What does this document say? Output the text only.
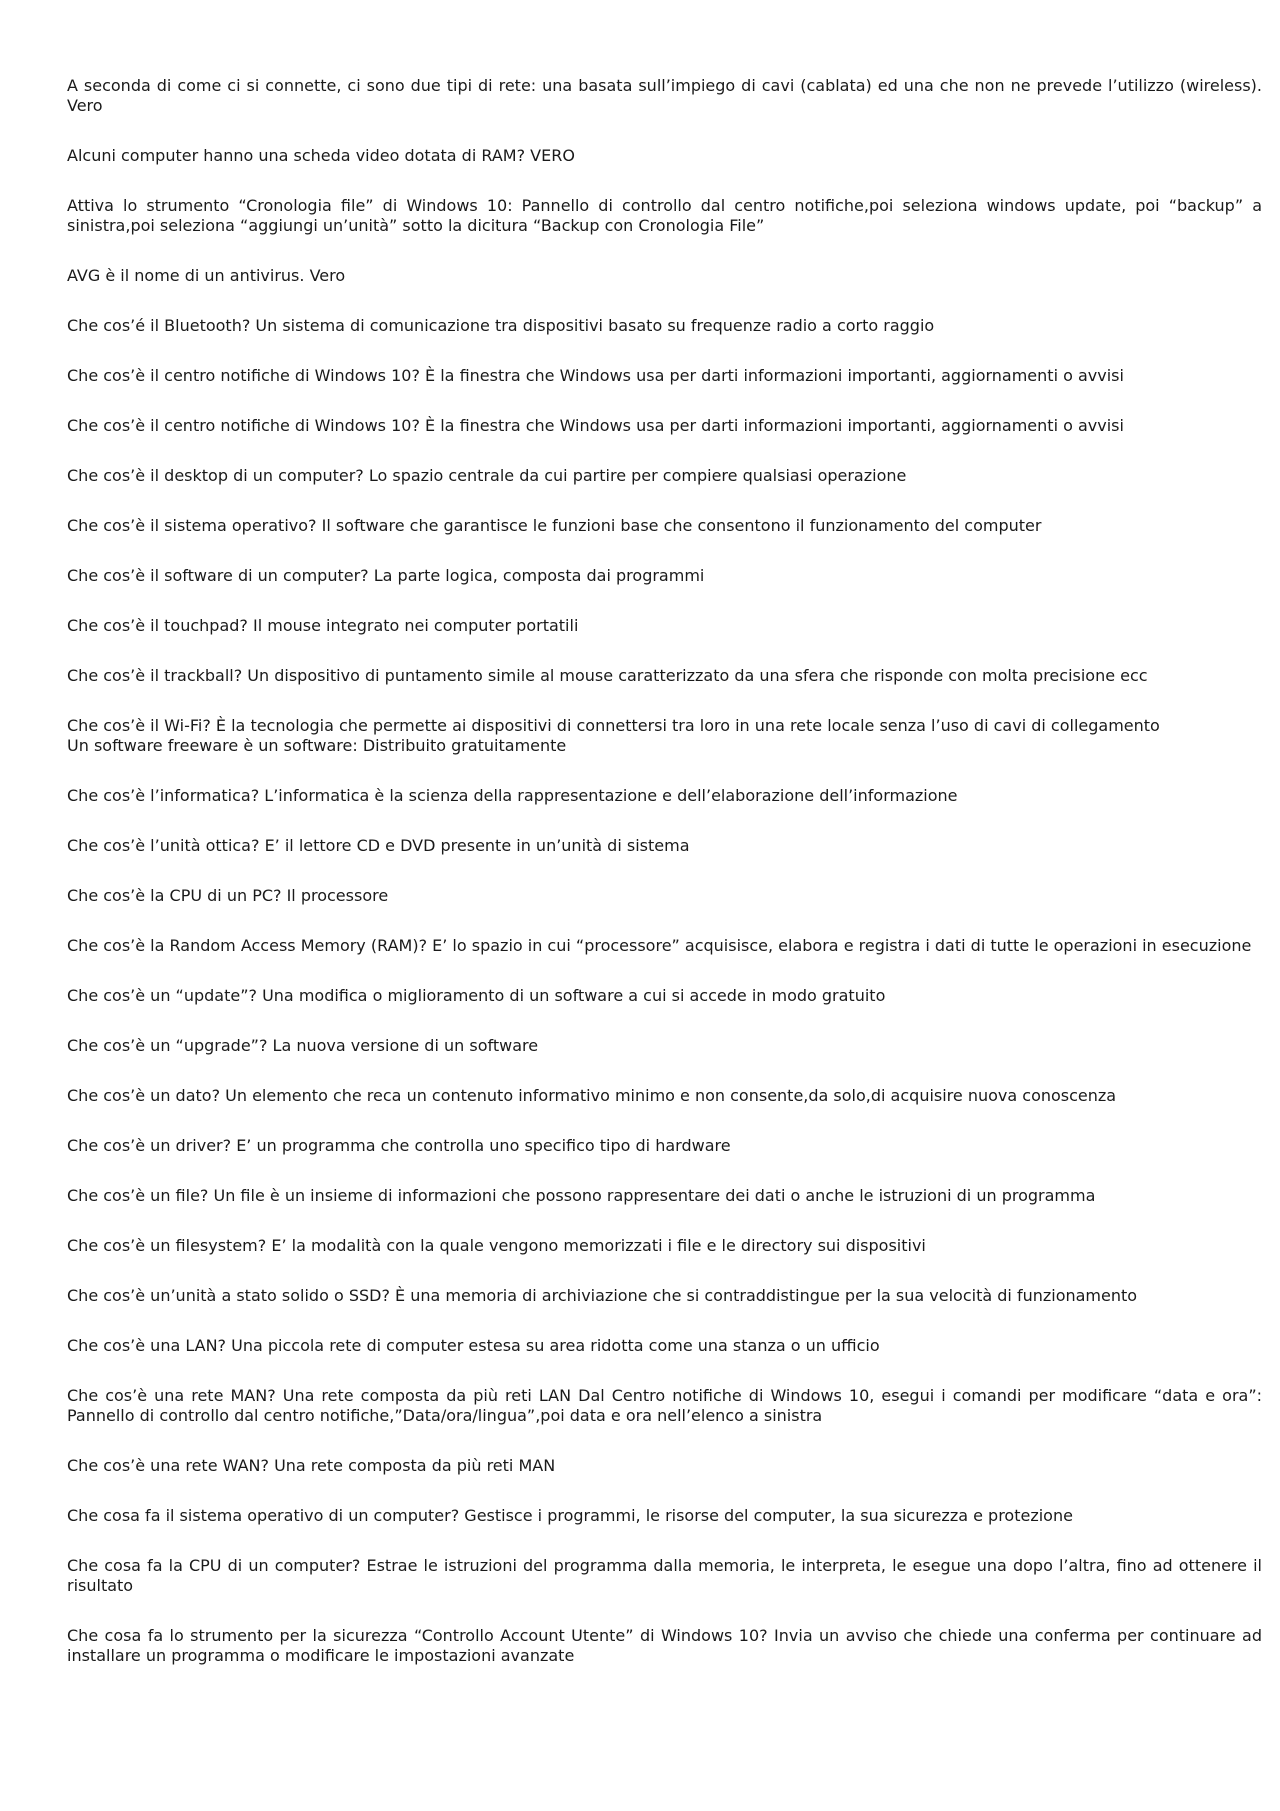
A seconda di come ci si connette, ci sono due tipi di rete: una basata sull’impiego di cavi (cablata) ed una che non ne prevede l’utilizzo (wireless). Vero
Alcuni computer hanno una scheda video dotata di RAM? VERO
Attiva lo strumento “Cronologia file” di Windows 10: Pannello di controllo dal centro notifiche,poi seleziona windows update, poi “backup” a sinistra,poi seleziona “aggiungi un’unità” sotto la dicitura “Backup con Cronologia File”
AVG è il nome di un antivirus. Vero
Che cos’é il Bluetooth? Un sistema di comunicazione tra dispositivi basato su frequenze radio a corto raggio
Che cos’è il centro notifiche di Windows 10? È la finestra che Windows usa per darti informazioni importanti, aggiornamenti o avvisi
Che cos’è il centro notifiche di Windows 10? È la finestra che Windows usa per darti informazioni importanti, aggiornamenti o avvisi
Che cos’è il desktop di un computer? Lo spazio centrale da cui partire per compiere qualsiasi operazione
Che cos’è il sistema operativo? Il software che garantisce le funzioni base che consentono il funzionamento del computer
Che cos’è il software di un computer? La parte logica, composta dai programmi
Che cos’è il touchpad? Il mouse integrato nei computer portatili
Che cos’è il trackball? Un dispositivo di puntamento simile al mouse caratterizzato da una sfera che risponde con molta precisione ecc
Che cos’è il Wi-Fi? È la tecnologia che permette ai dispositivi di connettersi tra loro in una rete locale senza l’uso di cavi di collegamento
Un software freeware è un software: Distribuito gratuitamente
Che cos’è l’informatica? L’informatica è la scienza della rappresentazione e dell’elaborazione dell’informazione
Che cos’è l’unità ottica? E’ il lettore CD e DVD presente in un’unità di sistema
Che cos’è la CPU di un PC? Il processore
Che cos’è la Random Access Memory (RAM)? E’ lo spazio in cui “processore” acquisisce, elabora e registra i dati di tutte le operazioni in esecuzione
Che cos’è un “update”? Una modifica o miglioramento di un software a cui si accede in modo gratuito
Che cos’è un “upgrade”? La nuova versione di un software
Che cos’è un dato? Un elemento che reca un contenuto informativo minimo e non consente,da solo,di acquisire nuova conoscenza
Che cos’è un driver? E’ un programma che controlla uno specifico tipo di hardware
Che cos’è un file? Un file è un insieme di informazioni che possono rappresentare dei dati o anche le istruzioni di un programma
Che cos’è un filesystem? E’ la modalità con la quale vengono memorizzati i file e le directory sui dispositivi
Che cos’è un’unità a stato solido o SSD? È una memoria di archiviazione che si contraddistingue per la sua velocità di funzionamento
Che cos’è una LAN? Una piccola rete di computer estesa su area ridotta come una stanza o un ufficio
Che cos’è una rete MAN? Una rete composta da più reti LAN Dal Centro notifiche di Windows 10, esegui i comandi per modificare “data e ora”: Pannello di controllo dal centro notifiche,”Data/ora/lingua”,poi data e ora nell’elenco a sinistra
Che cos’è una rete WAN? Una rete composta da più reti MAN
Che cosa fa il sistema operativo di un computer? Gestisce i programmi, le risorse del computer, la sua sicurezza e protezione
Che cosa fa la CPU di un computer? Estrae le istruzioni del programma dalla memoria, le interpreta, le esegue una dopo l’altra, fino ad ottenere il risultato
Che cosa fa lo strumento per la sicurezza “Controllo Account Utente” di Windows 10? Invia un avviso che chiede una conferma per continuare ad installare un programma o modificare le impostazioni avanzate
